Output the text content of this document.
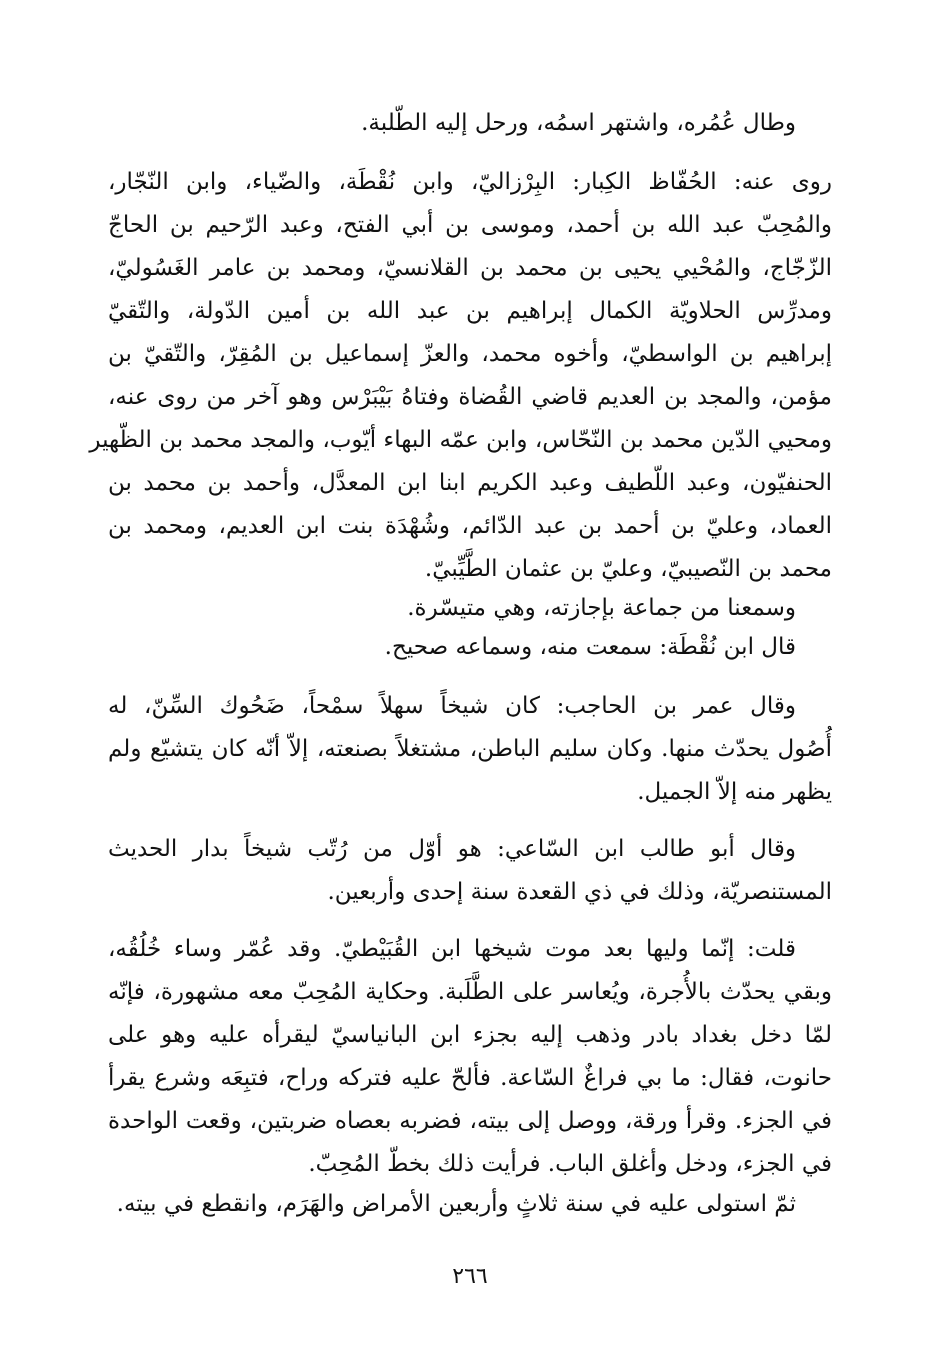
وطال عُمُره، واشتهر اسمُه، ورحل إليه الطّلبة.
روى عنه: الحُفّاظ الكِبار: البِرْزاليّ، وابن نُقْطَة، والضّياء، وابن النّجّار،
والمُحِبّ عبد الله بن أحمد، وموسى بن أبي الفتح، وعبد الرّحيم بن الحاجّ
الزّجّاج، والمُحْيي يحيى بن محمد بن القلانسيّ، ومحمد بن عامر الغَسُوليّ،
ومدرِّس الحلاويّة الكمال إبراهيم بن عبد الله بن أمين الدّولة، والتّقيّ
إبراهيم بن الواسطيّ، وأخوه محمد، والعزّ إسماعيل بن المُقِرّ، والتّقيّ بن
مؤمن، والمجد بن العديم قاضي القُضاة وفتاهُ بَيْبَرْس وهو آخر من روى عنه،
ومحيي الدّين محمد بن النّحّاس، وابن عمّه البهاء أيّوب، والمجد محمد بن الظّهير
الحنفيّون، وعبد اللّطيف وعبد الكريم ابنا ابن المعدَّل، وأحمد بن محمد بن
العماد، وعليّ بن أحمد بن عبد الدّائم، وشُهْدَة بنت ابن العديم، ومحمد بن
محمد بن النّصيبيّ، وعليّ بن عثمان الطَّيِّبيّ.
وسمعنا من جماعة بإجازته، وهي متيسّرة.
قال ابن نُقْطَة: سمعت منه، وسماعه صحيح.
وقال عمر بن الحاجب: كان شيخاً سهلاً سمْحاً، ضَحُوك السِّنّ، له
أُصُول يحدّث منها. وكان سليم الباطن، مشتغلاً بصنعته، إلاّ أنّه كان يتشيّع ولم
يظهر منه إلاّ الجميل.
وقال أبو طالب ابن السّاعي: هو أوّل من رُتّب شيخاً بدار الحديث
المستنصريّة، وذلك في ذي القعدة سنة إحدى وأربعين.
قلت: إنّما وليها بعد موت شيخها ابن القُبَيْطيّ. وقد عُمّر وساء خُلُقُه،
وبقي يحدّث بالأُجرة، ويُعاسر على الطَّلَبة. وحكاية المُحِبّ معه مشهورة، فإنّه
لمّا دخل بغداد بادر وذهب إليه بجزء ابن البانياسيّ ليقرأه عليه وهو على
حانوت، فقال: ما بي فراغٌ السّاعة. فألحّ عليه فتركه وراح، فتبِعَه وشرع يقرأ
في الجزء. وقرأ ورقة، ووصل إلى بيته، فضربه بعصاه ضربتين، وقعت الواحدة
في الجزء، ودخل وأغلق الباب. فرأيت ذلك بخطّ المُحِبّ.
ثمّ استولى عليه في سنة ثلاثٍ وأربعين الأمراض والهَرَم، وانقطع في بيته.
٢٦٦
